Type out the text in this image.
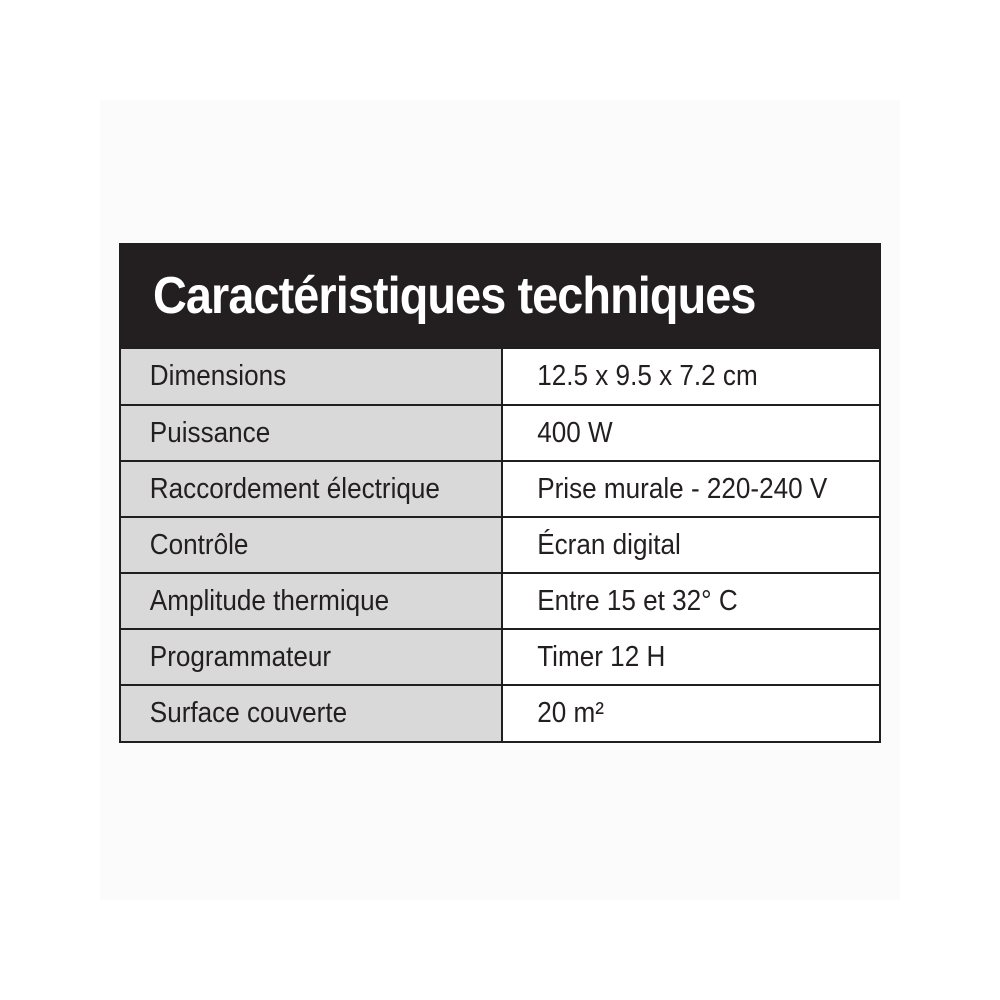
Caractéristiques techniques
Dimensions	12.5 x 9.5 x 7.2 cm
Puissance	400 W
Raccordement électrique	Prise murale - 220-240 V
Contrôle	Écran digital
Amplitude thermique	Entre 15 et 32° C
Programmateur	Timer 12 H
Surface couverte	20 m²
